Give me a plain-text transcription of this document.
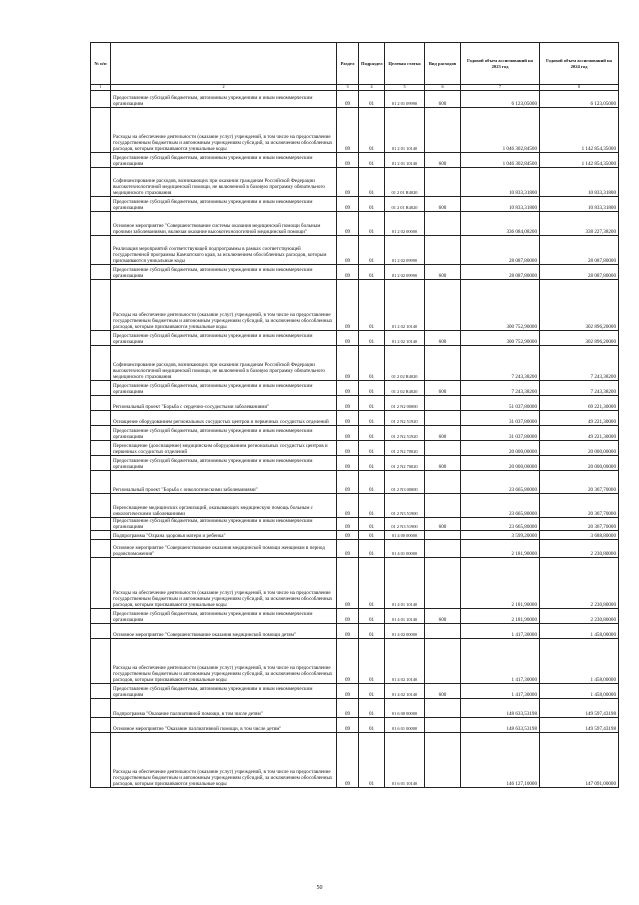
№ п/п		Раздел	Подраздел	Целевая статья	Вид расходов	Годовой объем ассигнований на 2023 год	Годовой объем ассигнований на 2024 год
1	2	3	4	5	6	7	8
	Предоставление субсидий бюджетным, автономным учреждениям и иным некоммерческим организациям	09	01	01 2 01 09990	600	6 123,05000	6 123,05000
	Расходы на обеспечение деятельности (оказание услуг) учреждений, в том числе на предоставление государственным бюджетным и автономным учреждениям субсидий, за исключением обособленных расходов, которым присваиваются уникальные коды	09	01	01 2 01 10140		1 046 302,84500	1 142 854,35000
	Предоставление субсидий бюджетным, автономным учреждениям и иным некоммерческим организациям	09	01	01 2 01 10140	600	1 046 302,84500	1 142 854,35000
	Софинансирование расходов, возникающих при оказании гражданам Российской Федерации высокотехнологичной медицинской помощи, не включенной в базовую программу обязательного медицинского страхования	09	01	01 2 01 R4020		10 833,31800	10 833,31800
	Предоставление субсидий бюджетным, автономным учреждениям и иным некоммерческим организациям	09	01	01 2 01 R4020	600	10 833,31800	10 833,31800
	Основное мероприятие "Совершенствование системы оказания медицинской помощи больным прочими заболеваниями, включая оказание высокотехнологичной медицинской помощи"	09	01	01 2 02 00000		336 084,08200	338 227,38200
	Реализация мероприятий соответствующей подпрограммы в рамках соответствующей государственной программы Камчатского края, за исключением обособленных расходов, которым присваиваются уникальные коды	09	01	01 2 02 09990		28 087,80000	28 087,80000
	Предоставление субсидий бюджетным, автономным учреждениям и иным некоммерческим организациям	09	01	01 2 02 09990	600	28 087,80000	28 087,80000
	Расходы на обеспечение деятельности (оказание услуг) учреждений, в том числе на предоставление государственным бюджетным и автономным учреждениям субсидий, за исключением обособленных расходов, которым присваиваются уникальные коды	09	01	01 2 02 10140		300 752,90000	302 896,20000
	Предоставление субсидий бюджетным, автономным учреждениям и иным некоммерческим организациям	09	01	01 2 02 10140	600	300 752,90000	302 896,20000
	Софинансирование расходов, возникающих при оказании гражданам Российской Федерации высокотехнологичной медицинской помощи, не включенной в базовую программу обязательного медицинского страхования	09	01	01 2 02 R4020		7 243,38200	7 243,38200
	Предоставление субсидий бюджетным, автономным учреждениям и иным некоммерческим организациям	09	01	01 2 02 R4020	600	7 243,38200	7 243,38200
	Региональный проект "Борьба с сердечно-сосудистыми заболеваниями"	09	01	01 2 N2 00000		51 037,80000	69 221,30000
	Оснащение оборудованием региональных сосудистых центров и первичных сосудистых отделений	09	01	01 2 N2 51920		31 037,80000	49 221,30000
	Предоставление субсидий бюджетным, автономным учреждениям и иным некоммерческим организациям	09	01	01 2 N2 51920	600	31 037,80000	49 221,30000
	Переоснащение (дооснащение) медицинским оборудованием региональных сосудистых центров и первичных сосудистых отделений	09	01	01 2 N2 70020		20 000,00000	20 000,00000
	Предоставление субсидий бюджетным, автономным учреждениям и иным некоммерческим организациям	09	01	01 2 N2 70020	600	20 000,00000	20 000,00000
	Региональный проект "Борьба с онкологическими заболеваниями"	09	01	01 2 N3 00000		23 665,80000	20 367,70000
	Переоснащение медицинских организаций, оказывающих медицинскую помощь больным с онкологическими заболеваниями	09	01	01 2 N3 51900		23 665,80000	20 367,70000
	Предоставление субсидий бюджетным, автономным учреждениям и иным некоммерческим организациям	09	01	01 2 N3 51900	600	23 665,80000	20 367,70000
	Подпрограмма "Охрана здоровья матери и ребенка"	09	01	01 4 00 00000		3 599,20000	3 688,80000
	Основное мероприятие "Совершенствование оказания медицинской помощи женщинам в период родовспоможения"	09	01	01 4 01 00000		2 181,90000	2 230,80000
	Расходы на обеспечение деятельности (оказание услуг) учреждений, в том числе на предоставление государственным бюджетным и автономным учреждениям субсидий, за исключением обособленных расходов, которым присваиваются уникальные коды	09	01	01 4 01 10140		2 181,90000	2 230,80000
	Предоставление субсидий бюджетным, автономным учреждениям и иным некоммерческим организациям	09	01	01 4 01 10140	600	2 181,90000	2 230,80000
	Основное мероприятие "Совершенствование оказания медицинской помощи детям"	09	01	01 4 02 00000		1 417,30000	1 458,00000
	Расходы на обеспечение деятельности (оказание услуг) учреждений, в том числе на предоставление государственным бюджетным и автономным учреждениям субсидий, за исключением обособленных расходов, которым присваиваются уникальные коды	09	01	01 4 02 10140		1 417,30000	1 458,00000
	Предоставление субсидий бюджетным, автономным учреждениям и иным некоммерческим организациям	09	01	01 4 02 10140	600	1 417,30000	1 458,00000
	Подпрограмма "Оказание паллиативной помощи, в том числе детям"	09	01	01 6 00 00000		148 633,53198	149 597,43198
	Основное мероприятие "Оказание паллиативной помощи, в том числе детям"	09	01	01 6 01 00000		148 633,53198	149 597,43198
	Расходы на обеспечение деятельности (оказание услуг) учреждений, в том числе на предоставление государственным бюджетным и автономным учреждениям субсидий, за исключением обособленных расходов, которым присваиваются уникальные коды	09	01	01 6 01 10140		146 127,10000	147 091,00000
50
